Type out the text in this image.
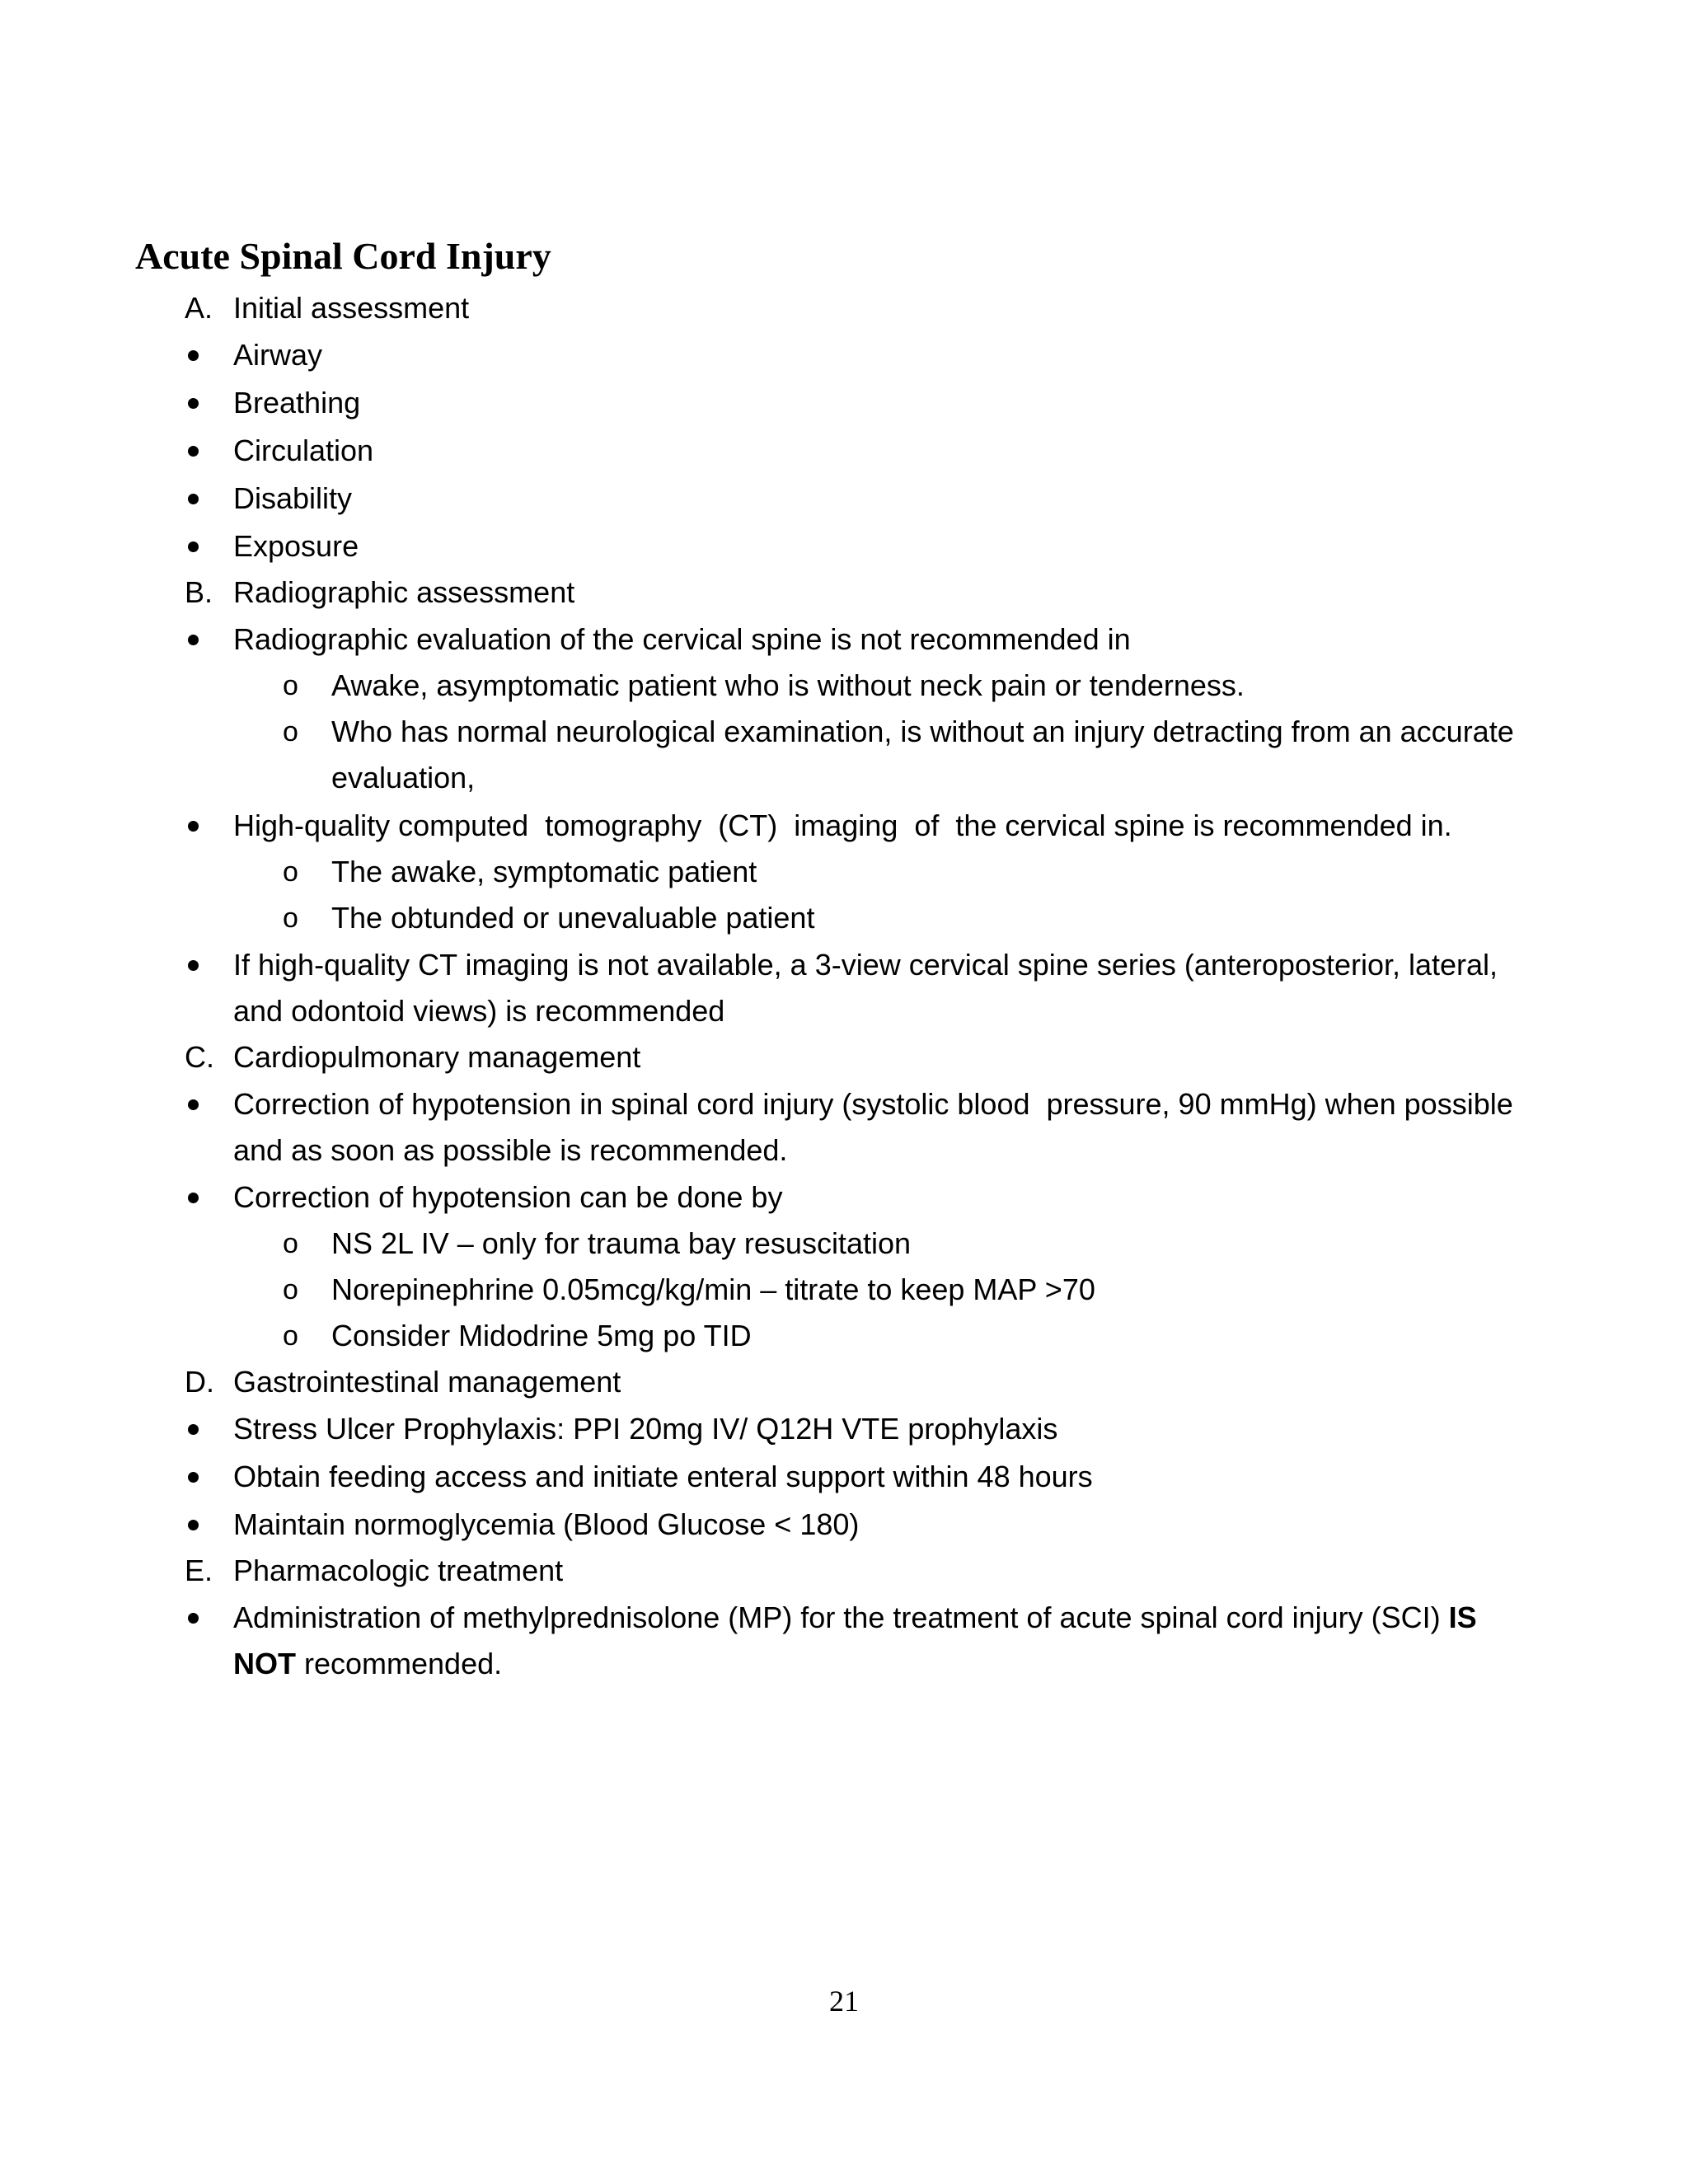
Acute Spinal Cord Injury
A. Initial assessment
Airway
Breathing
Circulation
Disability
Exposure
B. Radiographic assessment
Radiographic evaluation of the cervical spine is not recommended in
o Awake, asymptomatic patient who is without neck pain or tenderness.
o Who has normal neurological examination, is without an injury detracting from an accurate
evaluation,
High-quality computed  tomography  (CT)  imaging  of  the cervical spine is recommended in.
o The awake, symptomatic patient
o The obtunded or unevaluable patient
If high-quality CT imaging is not available, a 3-view cervical spine series (anteroposterior, lateral,
and odontoid views) is recommended
C. Cardiopulmonary management
Correction of hypotension in spinal cord injury (systolic blood  pressure, 90 mmHg) when possible
and as soon as possible is recommended.
Correction of hypotension can be done by
o NS 2L IV – only for trauma bay resuscitation
o Norepinephrine 0.05mcg/kg/min – titrate to keep MAP >70
o Consider Midodrine 5mg po TID
D. Gastrointestinal management
Stress Ulcer Prophylaxis: PPI 20mg IV/ Q12H VTE prophylaxis
Obtain feeding access and initiate enteral support within 48 hours
Maintain normoglycemia (Blood Glucose < 180)
E. Pharmacologic treatment
Administration of methylprednisolone (MP) for the treatment of acute spinal cord injury (SCI) IS
NOT recommended.
21
